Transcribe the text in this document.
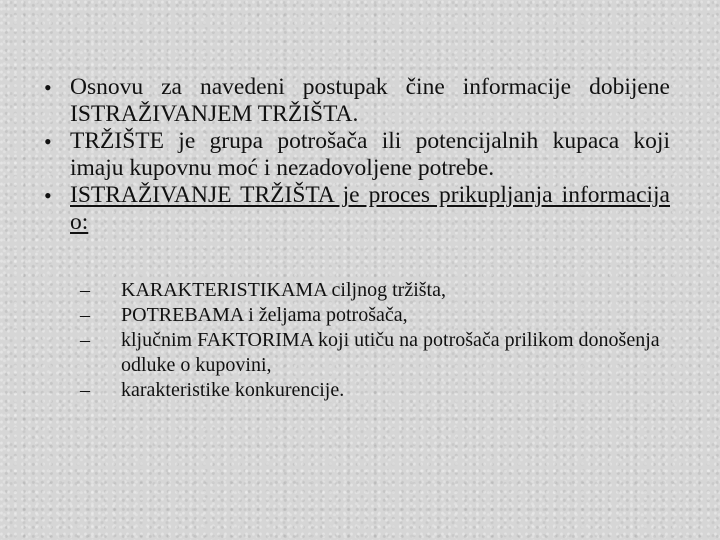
• Osnovu za navedeni postupak čine informacije dobijene ISTRAŽIVANJEM TRŽIŠTA.
• TRŽIŠTE je grupa potrošača ili potencijalnih kupaca koji imaju kupovnu moć i nezadovoljene potrebe.
• ISTRAŽIVANJE TRŽIŠTA je proces prikupljanja informacija o:
–	KARAKTERISTIKAMA ciljnog tržišta,
–	POTREBAMA i željama potrošača,
–	ključnim FAKTORIMA koji utiču na potrošača prilikom donošenja odluke o kupovini,
–	karakteristike konkurencije.
